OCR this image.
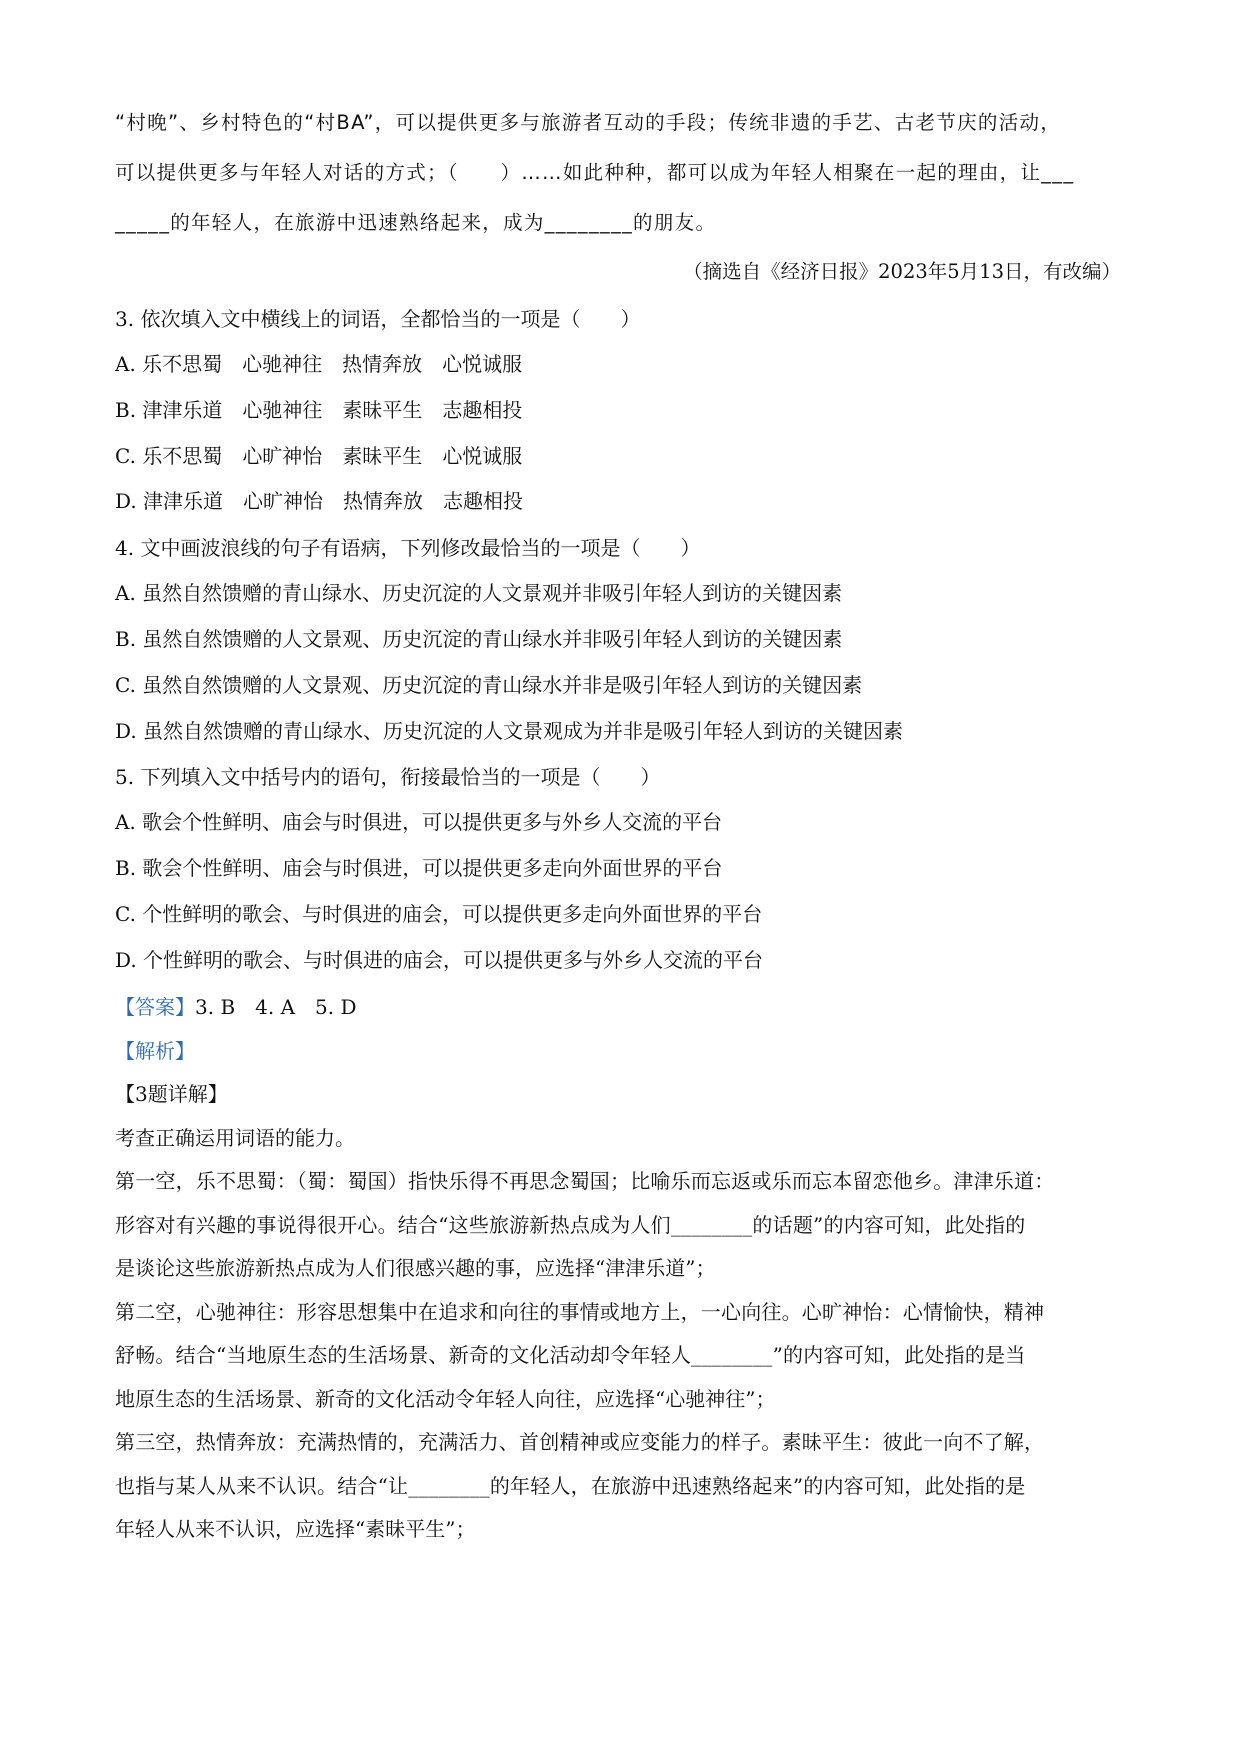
“村晚”、乡村特色的“村BA”，可以提供更多与旅游者互动的手段；传统非遗的手艺、古老节庆的活动，

可以提供更多与年轻人对话的方式；（　　）……如此种种，都可以成为年轻人相聚在一起的理由，让___

_____的年轻人，在旅游中迅速熟络起来，成为________的朋友。

（摘选自《经济日报》2023年5月13日，有改编）

3. 依次填入文中横线上的词语，全都恰当的一项是（　　）

A. 乐不思蜀 心驰神往 热情奔放 心悦诚服

B. 津津乐道 心驰神往 素昧平生 志趣相投

C. 乐不思蜀 心旷神怡 素昧平生 心悦诚服

D. 津津乐道 心旷神怡 热情奔放 志趣相投

4. 文中画波浪线的句子有语病，下列修改最恰当的一项是（　　）

A. 虽然自然馈赠的青山绿水、历史沉淀的人文景观并非吸引年轻人到访的关键因素

B. 虽然自然馈赠的人文景观、历史沉淀的青山绿水并非吸引年轻人到访的关键因素

C. 虽然自然馈赠的人文景观、历史沉淀的青山绿水并非是吸引年轻人到访的关键因素

D. 虽然自然馈赠的青山绿水、历史沉淀的人文景观成为并非是吸引年轻人到访的关键因素

5. 下列填入文中括号内的语句，衔接最恰当的一项是（　　）

A. 歌会个性鲜明、庙会与时俱进，可以提供更多与外乡人交流的平台

B. 歌会个性鲜明、庙会与时俱进，可以提供更多走向外面世界的平台

C. 个性鲜明的歌会、与时俱进的庙会，可以提供更多走向外面世界的平台

D. 个性鲜明的歌会、与时俱进的庙会，可以提供更多与外乡人交流的平台

【答案】3. B　4. A　5. D

【解析】

【3题详解】

考查正确运用词语的能力。

第一空，乐不思蜀：（蜀：蜀国）指快乐得不再思念蜀国；比喻乐而忘返或乐而忘本留恋他乡。津津乐道：

形容对有兴趣的事说得很开心。结合“这些旅游新热点成为人们________的话题”的内容可知，此处指的

是谈论这些旅游新热点成为人们很感兴趣的事，应选择“津津乐道”；

第二空，心驰神往：形容思想集中在追求和向往的事情或地方上，一心向往。心旷神怡：心情愉快，精神

舒畅。结合“当地原生态的生活场景、新奇的文化活动却令年轻人________”的内容可知，此处指的是当

地原生态的生活场景、新奇的文化活动令年轻人向往，应选择“心驰神往”；

第三空，热情奔放：充满热情的，充满活力、首创精神或应变能力的样子。素昧平生：彼此一向不了解，

也指与某人从来不认识。结合“让________的年轻人，在旅游中迅速熟络起来”的内容可知，此处指的是

年轻人从来不认识，应选择“素昧平生”；
